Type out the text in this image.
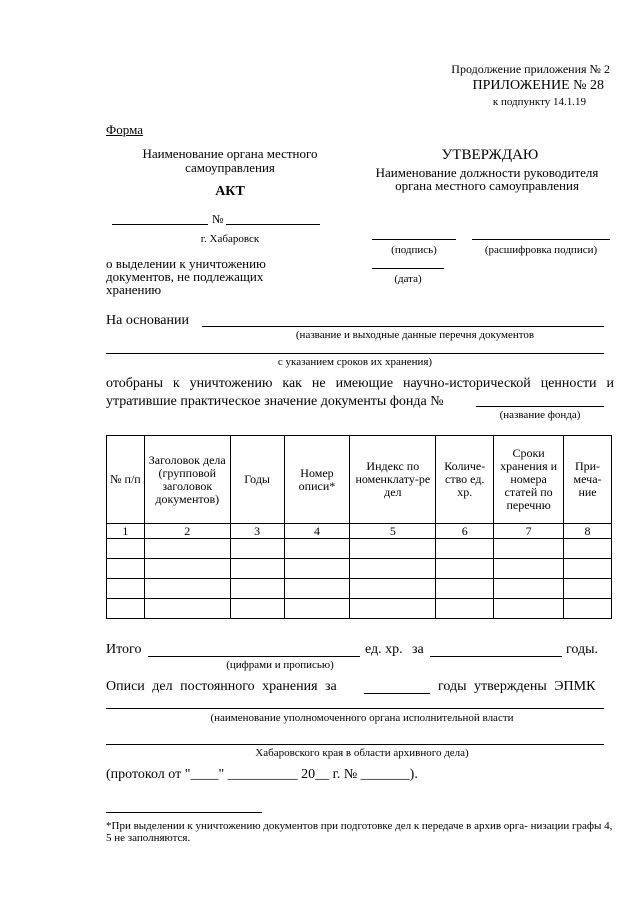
Продолжение приложения № 2
ПРИЛОЖЕНИЕ № 28
к подпункту 14.1.19
Форма
Наименование органа местного самоуправления
АКТ
№
г. Хабаровск
о выделении к уничтожению документов, не подлежащих хранению
УТВЕРЖДАЮ
Наименование должности руководителя органа местного самоуправления
(подпись)	(расшифровка подписи)
(дата)
На основании
(название и выходные данные перечня документов
с указанием сроков их хранения)
отобраны к уничтожению как не имеющие научно-исторической ценности и утратившие практическое значение документы фонда №
(название фонда)
№ п/п	Заголовок дела (групповой заголовок документов)	Годы	Номер описи*	Индекс по номенклату-ре дел	Количе-ство ед. хр.	Сроки хранения и номера статей по перечню	При-меча-ние
1	2	3	4	5	6	7	8

Итого	ед. хр. за	годы.
(цифрами и прописью)
Описи дел постоянного хранения за	годы утверждены ЭПМК
(наименование уполномоченного органа исполнительной власти
Хабаровского края в области архивного дела)
(протокол от "____" __________ 20__ г. № _______).
*При выделении к уничтожению документов при подготовке дел к передаче в архив орга- низации графы 4, 5 не заполняются.
